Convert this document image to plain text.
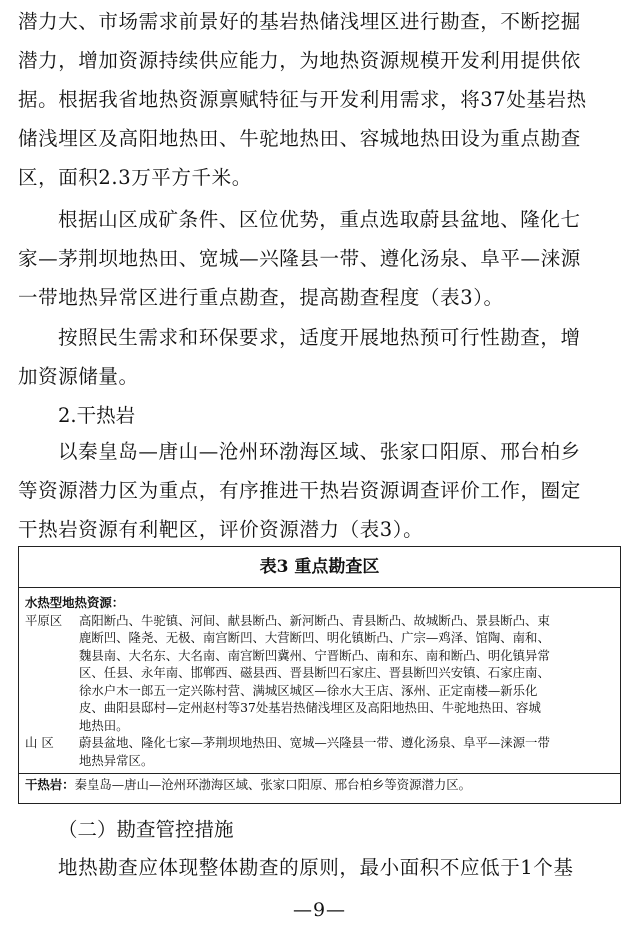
潜力大、市场需求前景好的基岩热储浅埋区进行勘查，不断挖掘
潜力，增加资源持续供应能力，为地热资源规模开发利用提供依
据。根据我省地热资源禀赋特征与开发利用需求，将37处基岩热
储浅埋区及高阳地热田、牛驼地热田、容城地热田设为重点勘查
区，面积2.3万平方千米。
根据山区成矿条件、区位优势，重点选取蔚县盆地、隆化七
家—茅荆坝地热田、宽城—兴隆县一带、遵化汤泉、阜平—涞源
一带地热异常区进行重点勘查，提高勘查程度（表3）。
按照民生需求和环保要求，适度开展地热预可行性勘查，增
加资源储量。
2.干热岩
以秦皇岛—唐山—沧州环渤海区域、张家口阳原、邢台柏乡
等资源潜力区为重点，有序推进干热岩资源调查评价工作，圈定
干热岩资源有利靶区，评价资源潜力（表3）。
表3 重点勘查区
水热型地热资源：
平原区	高阳断凸、牛驼镇、河间、献县断凸、新河断凸、青县断凸、故城断凸、景县断凸、束
鹿断凹、隆尧、无极、南宫断凹、大营断凹、明化镇断凸、广宗—鸡泽、馆陶、南和、
魏县南、大名东、大名南、南宫断凹冀州、宁晋断凸、南和东、南和断凸、明化镇异常
区、任县、永年南、邯郸西、磁县西、晋县断凹石家庄、晋县断凹兴安镇、石家庄南、
徐水户木一郎五一定兴陈村营、满城区城区—徐水大王店、涿州、正定南楼—新乐化
皮、曲阳县邸村—定州赵村等37处基岩热储浅埋区及高阳地热田、牛驼地热田、容城
地热田。
山 区	蔚县盆地、隆化七家—茅荆坝地热田、宽城—兴隆县一带、遵化汤泉、阜平—涞源一带
地热异常区。
干热岩：秦皇岛—唐山—沧州环渤海区域、张家口阳原、邢台柏乡等资源潜力区。
（二）勘查管控措施
地热勘查应体现整体勘查的原则，最小面积不应低于1个基
—9—
